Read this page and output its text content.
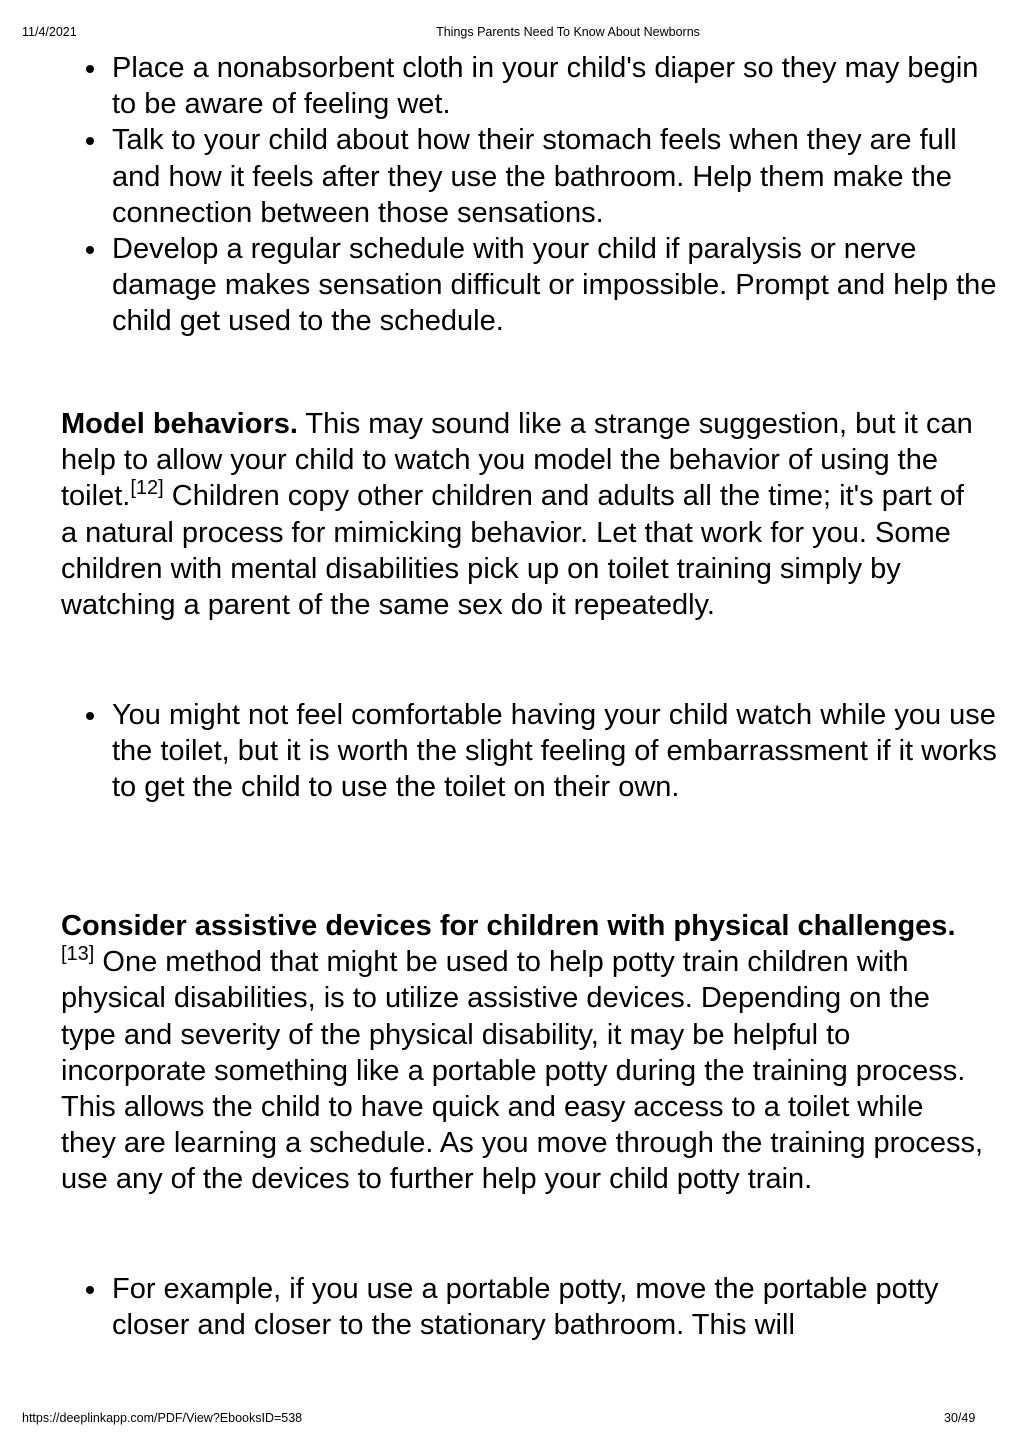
11/4/2021	Things Parents Need To Know About Newborns
Place a nonabsorbent cloth in your child's diaper so they may begin to be aware of feeling wet.
Talk to your child about how their stomach feels when they are full and how it feels after they use the bathroom. Help them make the connection between those sensations.
Develop a regular schedule with your child if paralysis or nerve damage makes sensation difficult or impossible. Prompt and help the child get used to the schedule.

Model behaviors. This may sound like a strange suggestion, but it can help to allow your child to watch you model the behavior of using the toilet.[12] Children copy other children and adults all the time; it's part of a natural process for mimicking behavior. Let that work for you. Some children with mental disabilities pick up on toilet training simply by watching a parent of the same sex do it repeatedly.

You might not feel comfortable having your child watch while you use the toilet, but it is worth the slight feeling of embarrassment if it works to get the child to use the toilet on their own.

Consider assistive devices for children with physical challenges.[13] One method that might be used to help potty train children with physical disabilities, is to utilize assistive devices. Depending on the type and severity of the physical disability, it may be helpful to incorporate something like a portable potty during the training process. This allows the child to have quick and easy access to a toilet while they are learning a schedule. As you move through the training process, use any of the devices to further help your child potty train.

For example, if you use a portable potty, move the portable potty closer and closer to the stationary bathroom. This will
https://deeplinkapp.com/PDF/View?EbooksID=538	30/49
